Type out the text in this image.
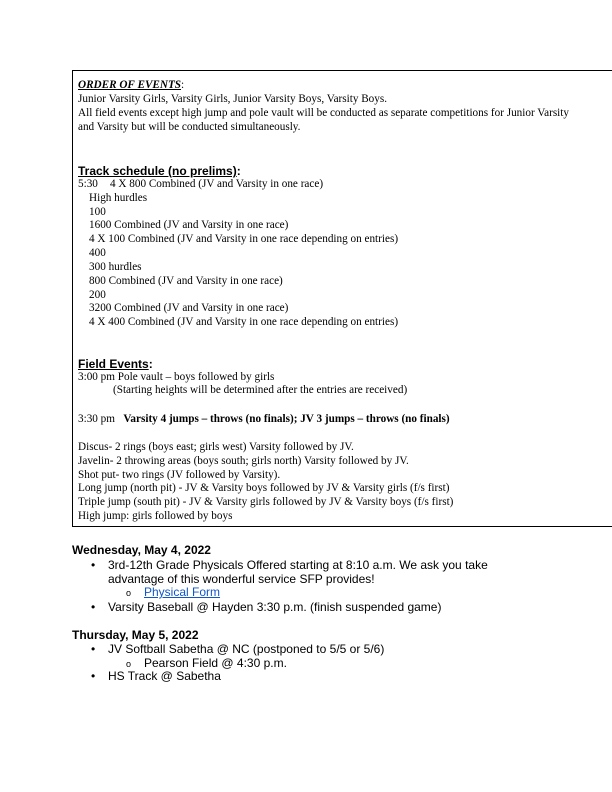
ORDER OF EVENTS:
Junior Varsity Girls, Varsity Girls, Junior Varsity Boys, Varsity Boys.
All field events except high jump and pole vault will be conducted as separate competitions for Junior Varsity
and Varsity but will be conducted simultaneously.
Track schedule (no prelims):
5:30 4 X 800 Combined (JV and Varsity in one race)
High hurdles
100
1600 Combined (JV and Varsity in one race)
4 X 100 Combined (JV and Varsity in one race depending on entries)
400
300 hurdles
800 Combined (JV and Varsity in one race)
200
3200 Combined (JV and Varsity in one race)
4 X 400 Combined (JV and Varsity in one race depending on entries)
Field Events:
3:00 pm Pole vault – boys followed by girls
(Starting heights will be determined after the entries are received)
3:30 pm Varsity 4 jumps – throws (no finals); JV 3 jumps – throws (no finals)
Discus- 2 rings (boys east; girls west) Varsity followed by JV.
Javelin- 2 throwing areas (boys south; girls north) Varsity followed by JV.
Shot put- two rings (JV followed by Varsity).
Long jump (north pit) - JV & Varsity boys followed by JV & Varsity girls (f/s first)
Triple jump (south pit) - JV & Varsity girls followed by JV & Varsity boys (f/s first)
High jump: girls followed by boys
Wednesday, May 4, 2022
• 3rd-12th Grade Physicals Offered starting at 8:10 a.m. We ask you take
advantage of this wonderful service SFP provides!
o Physical Form
• Varsity Baseball @ Hayden 3:30 p.m. (finish suspended game)
Thursday, May 5, 2022
• JV Softball Sabetha @ NC (postponed to 5/5 or 5/6)
o Pearson Field @ 4:30 p.m.
• HS Track @ Sabetha
